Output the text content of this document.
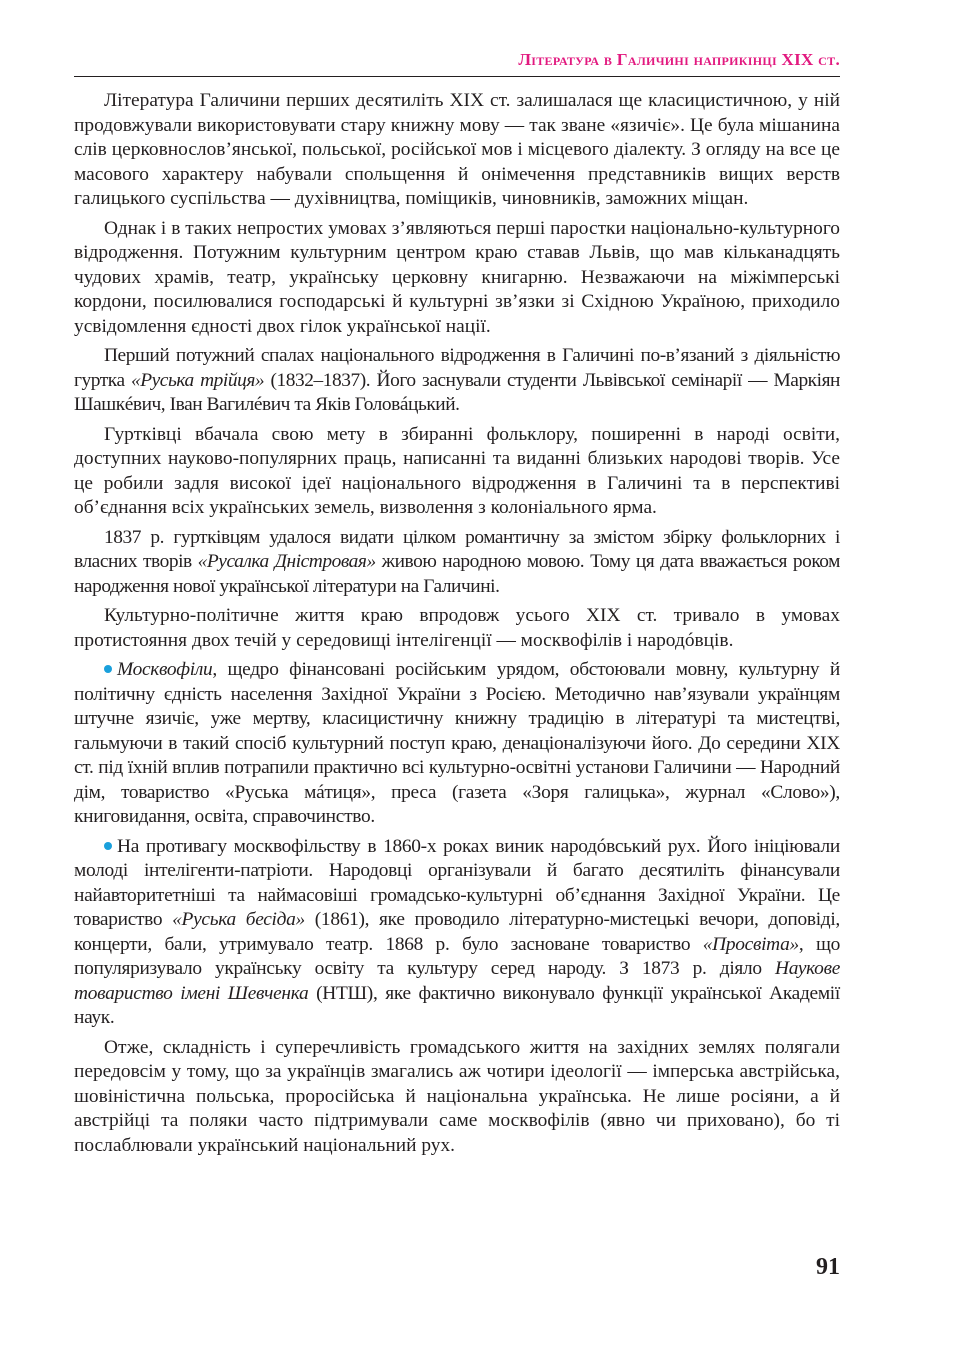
Література в Галичині наприкінці XIX ст.

Література Галичини перших десятиліть XIX ст. залишалася ще класицистичною, у ній продовжували використовувати стару книжну мову — так зване «язичіє». Це була мішанина слів церковнослов’янської, польської, російської мов і місцевого діалекту. З огляду на все це масового характеру набували спольщення й онімечення представників вищих верств галицького суспільства — духівництва, поміщиків, чиновників, заможних міщан.

Однак і в таких непростих умовах з’являються перші паростки національно-культурного відродження. Потужним культурним центром краю ставав Львів, що мав кільканадцять чудових храмів, театр, українську церковну книгарню. Незважаючи на міжімперські кордони, посилювалися господарські й культурні зв’язки зі Східною Україною, приходило усвідомлення єдності двох гілок української нації.

Перший потужний спалах національного відродження в Галичині по-в’язаний з діяльністю гуртка «Руська трійця» (1832–1837). Його заснували студенти Львівської семінарії — Маркіян Шашкéвич, Іван Вагилéвич та Яків Головáцький.

Гуртківці вбачала свою мету в збиранні фольклору, поширенні в народі освіти, доступних науково-популярних праць, написанні та виданні близьких народові творів. Усе це робили задля високої ідеї національного відродження в Галичині та в перспективі об’єднання всіх українських земель, визволення з колоніального ярма.

1837 р. гуртківцям удалося видати цілком романтичну за змістом збірку фольклорних і власних творів «Русалка Дністровая» живою народною мовою. Тому ця дата вважається роком народження нової української літератури на Галичині.

Культурно-політичне життя краю впродовж усього XIX ст. тривало в умовах протистояння двох течій у середовищі інтелігенції — москвофілів і народóвців.

Москвофіли, щедро фінансовані російським урядом, обстоювали мовну, культурну й політичну єдність населення Західної України з Росією. Методично нав’язували українцям штучне язичіє, уже мертву, класицистичну книжну традицію в літературі та мистецтві, гальмуючи в такий спосіб культурний поступ краю, денаціоналізуючи його. До середини XIX ст. під їхній вплив потрапили практично всі культурно-освітні установи Галичини — Народний дім, товариство «Руська мáтиця», преса (газета «Зоря галицька», журнал «Слово»), книговидання, освіта, справочинство.

На противагу москвофільству в 1860-х роках виник народóвський рух. Його ініціювали молоді інтелігенти-патріоти. Народовці організували й багато десятиліть фінансували найавторитетніші та наймасовіші громадсько-культурні об’єднання Західної України. Це товариство «Руська бесіда» (1861), яке проводило літературно-мистецькі вечори, доповіді, концерти, бали, утримувало театр. 1868 р. було засноване товариство «Просвіта», що популяризувало українську освіту та культуру серед народу. З 1873 р. діяло Наукове товариство імені Шевченка (НТШ), яке фактично виконувало функції української Академії наук.

Отже, складність і суперечливість громадського життя на західних землях полягали передовсім у тому, що за українців змагались аж чотири ідеології — імперська австрійська, шовіністична польська, проросійська й національна українська. Не лише росіяни, а й австрійці та поляки часто підтримували саме москвофілів (явно чи приховано), бо ті послаблювали український національний рух.

91
